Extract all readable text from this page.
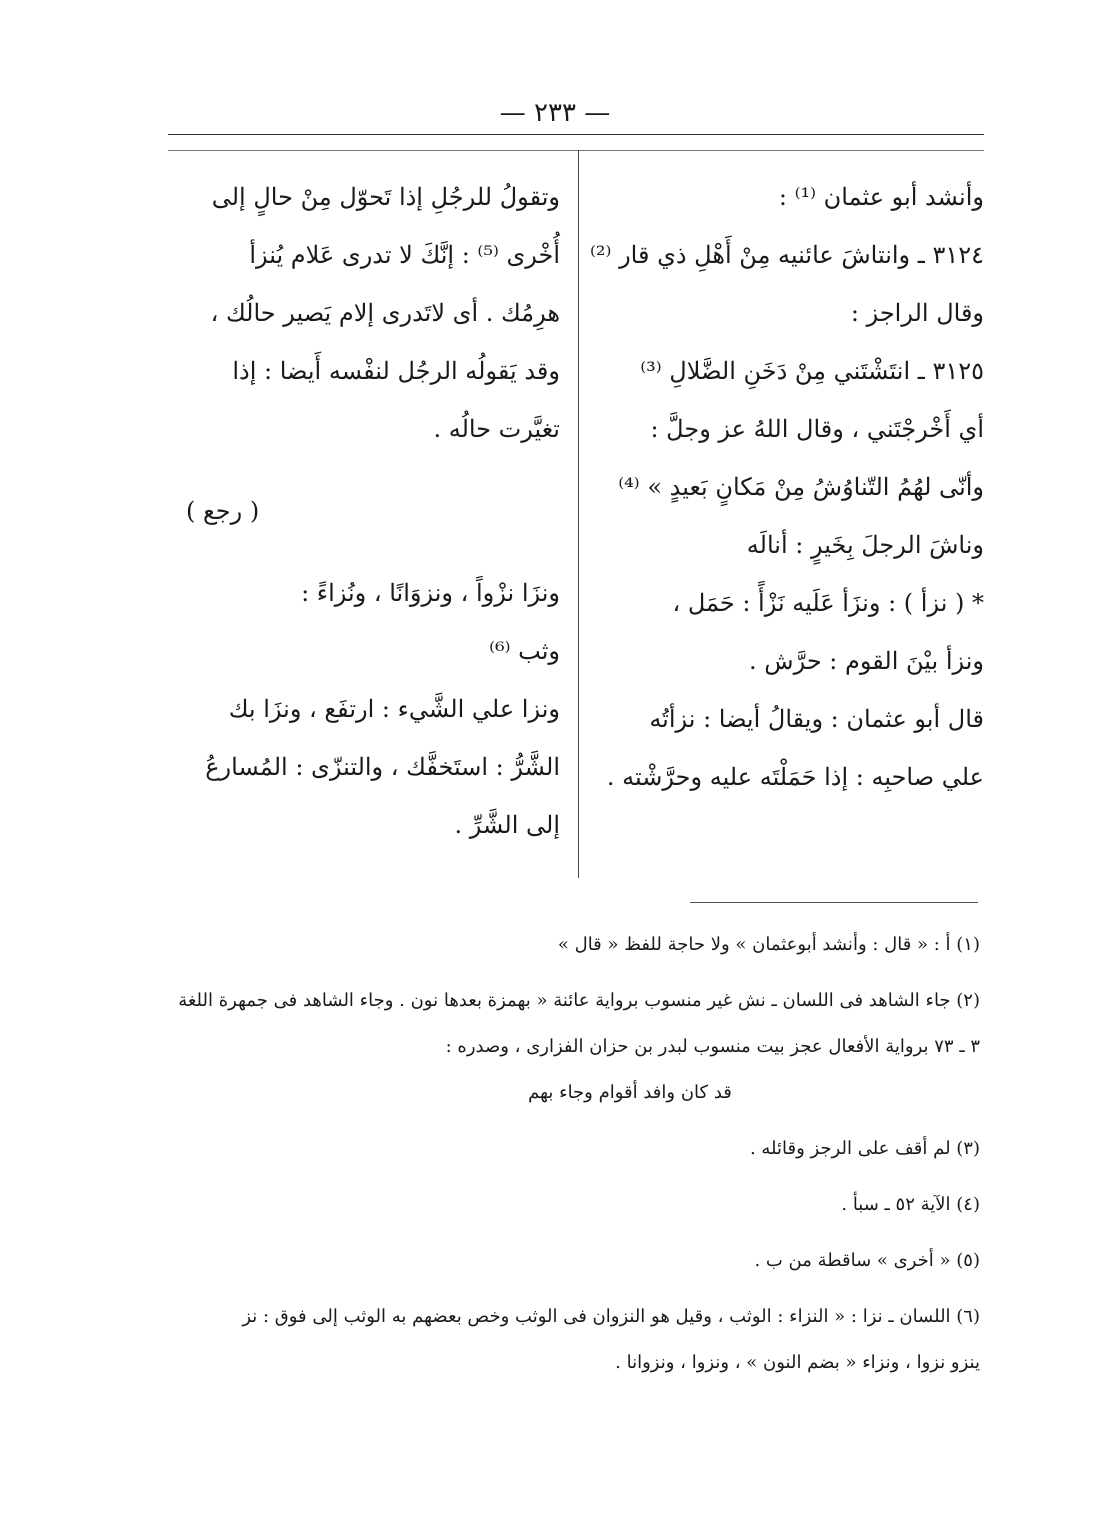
— ٢٣٣ —

وأنشد أبو عثمان ⁽¹⁾ :

٣١٢٤ ـ وانتاشَ عائنيه مِنْ أَهْلِ ذي قار ⁽²⁾

وقال الراجز :

٣١٢٥ ـ انتَشْتَني مِنْ دَخَنِ الضَّلالِ ⁽³⁾

أي أَخْرجْتَني ، وقال اللهُ عز وجلَّ :

وأنّى لهُمُ التّناوُشُ مِنْ مَكانٍ بَعيدٍ » ⁽⁴⁾

وناشَ الرجلَ بِخَيرٍ : أنالَه

* ( نزأ ) : ونزَأ عَلَيه نَزْأً : حَمَل ،

ونزأ بيْنَ القوم : حرَّش .

قال أبو عثمان : ويقالُ أيضا : نزأتُه

علي صاحبِه : إذا حَمَلْتَه عليه وحرَّشْته .

وتقولُ للرجُلِ إذا تَحوّل مِنْ حالٍ إلى

أُخْرى ⁽⁵⁾ : إنَّكَ لا تدرى عَلام يُنزأ

هرِمُك . أى لاتَدرى إلام يَصير حالُك ،

وقد يَقولُه الرجُل لنفْسه أَيضا : إذا

تغيَّرت حالُه .

( رجع )

ونزَا نزْواً ، ونزوَانًا ، ونُزاءً :

وثب ⁽⁶⁾

ونزا علي الشَّيء : ارتفَع ، ونزَا بك

الشَّرُّ : استَخفَّك ، والتنزّى : المُسارعُ

إلى الشَّرِّ .

(١) أ : « قال : وأنشد أبوعثمان » ولا حاجة للفظ « قال »

(٢) جاء الشاهد فى اللسان ـ نش غير منسوب برواية عائنة « بهمزة بعدها نون . وجاء الشاهد فى جمهرة اللغة

٣ ـ ٧٣ برواية الأفعال عجز بيت منسوب لبدر بن حزان الفزارى ، وصدره :

قد كان وافد أقوام وجاء بهم

(٣) لم أقف على الرجز وقائله .

(٤) الآية ٥٢ ـ سبأ .

(٥) « أخرى » ساقطة من ب .

(٦) اللسان ـ نزا : « النزاء : الوثب ، وقيل هو النزوان فى الوثب وخص بعضهم به الوثب إلى فوق : نز

ينزو نزوا ، ونزاء « بضم النون » ، ونزوا ، ونزوانا .
